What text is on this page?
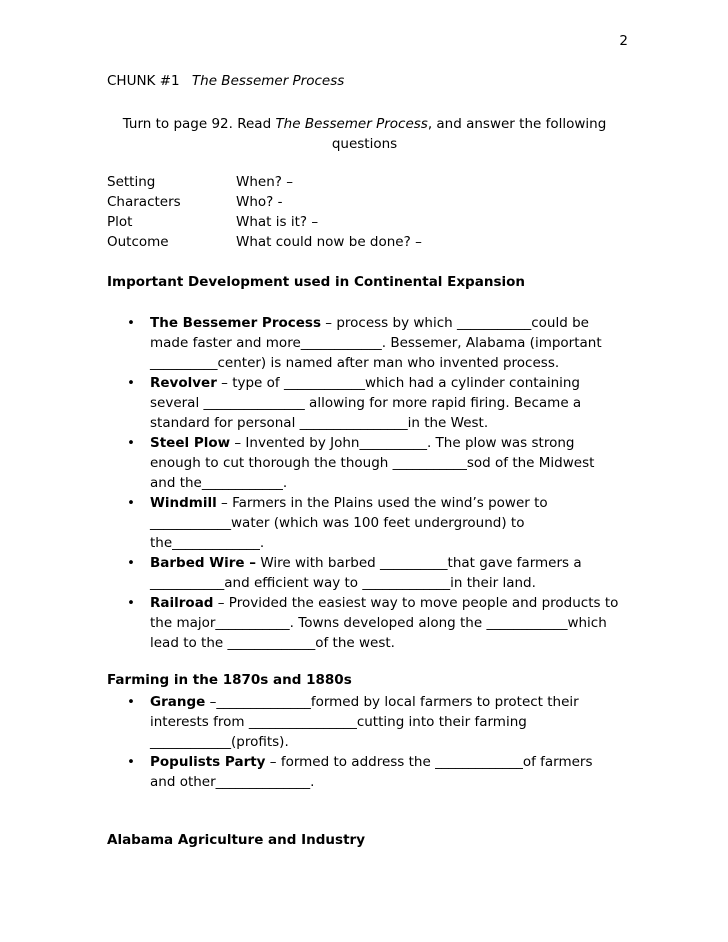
2
CHUNK #1 The Bessemer Process
Turn to page 92. Read The Bessemer Process, and answer the following questions
Setting	When? –
Characters	Who? -
Plot	What is it? –
Outcome	What could now be done? –
Important Development used in Continental Expansion
• The Bessemer Process – process by which ___________could be made faster and more____________. Bessemer, Alabama (important __________center) is named after man who invented process.
• Revolver – type of ____________which had a cylinder containing several _______________ allowing for more rapid firing. Became a standard for personal ________________in the West.
• Steel Plow – Invented by John__________. The plow was strong enough to cut thorough the though ___________sod of the Midwest and the____________.
• Windmill – Farmers in the Plains used the wind’s power to ____________water (which was 100 feet underground) to the_____________.
• Barbed Wire – Wire with barbed __________that gave farmers a ___________and efficient way to _____________in their land.
• Railroad – Provided the easiest way to move people and products to the major___________. Towns developed along the ____________which lead to the _____________of the west.
Farming in the 1870s and 1880s
• Grange –______________formed by local farmers to protect their interests from ________________cutting into their farming ____________(profits).
• Populists Party – formed to address the _____________of farmers and other______________.
Alabama Agriculture and Industry
